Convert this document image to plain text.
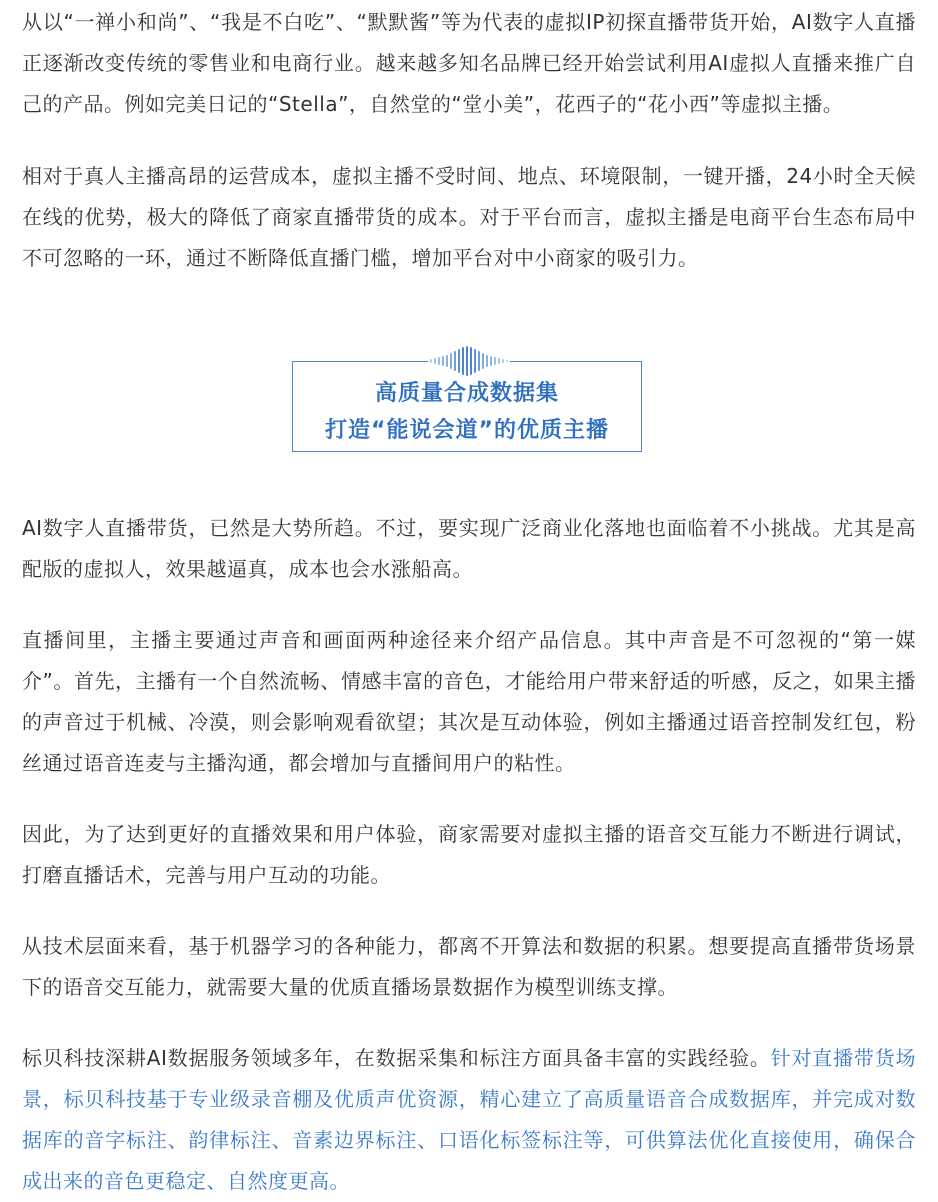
从以“一禅小和尚”、“我是不白吃”、“默默酱”等为代表的虚拟IP初探直播带货开始，AI数字人直播正逐渐改变传统的零售业和电商行业。越来越多知名品牌已经开始尝试利用AI虚拟人直播来推广自己的产品。例如完美日记的“Stella”，自然堂的“堂小美”，花西子的“花小西”等虚拟主播。

相对于真人主播高昂的运营成本，虚拟主播不受时间、地点、环境限制，一键开播，24小时全天候在线的优势，极大的降低了商家直播带货的成本。对于平台而言，虚拟主播是电商平台生态布局中不可忽略的一环，通过不断降低直播门槛，增加平台对中小商家的吸引力。

高质量合成数据集
打造“能说会道”的优质主播

AI数字人直播带货，已然是大势所趋。不过，要实现广泛商业化落地也面临着不小挑战。尤其是高配版的虚拟人，效果越逼真，成本也会水涨船高。

直播间里，主播主要通过声音和画面两种途径来介绍产品信息。其中声音是不可忽视的“第一媒介”。首先，主播有一个自然流畅、情感丰富的音色，才能给用户带来舒适的听感，反之，如果主播的声音过于机械、冷漠，则会影响观看欲望；其次是互动体验，例如主播通过语音控制发红包，粉丝通过语音连麦与主播沟通，都会增加与直播间用户的粘性。

因此，为了达到更好的直播效果和用户体验，商家需要对虚拟主播的语音交互能力不断进行调试，打磨直播话术，完善与用户互动的功能。

从技术层面来看，基于机器学习的各种能力，都离不开算法和数据的积累。想要提高直播带货场景下的语音交互能力，就需要大量的优质直播场景数据作为模型训练支撑。

标贝科技深耕AI数据服务领域多年，在数据采集和标注方面具备丰富的实践经验。针对直播带货场景，标贝科技基于专业级录音棚及优质声优资源，精心建立了高质量语音合成数据库，并完成对数据库的音字标注、韵律标注、音素边界标注、口语化标签标注等，可供算法优化直接使用，确保合成出来的音色更稳定、自然度更高。
